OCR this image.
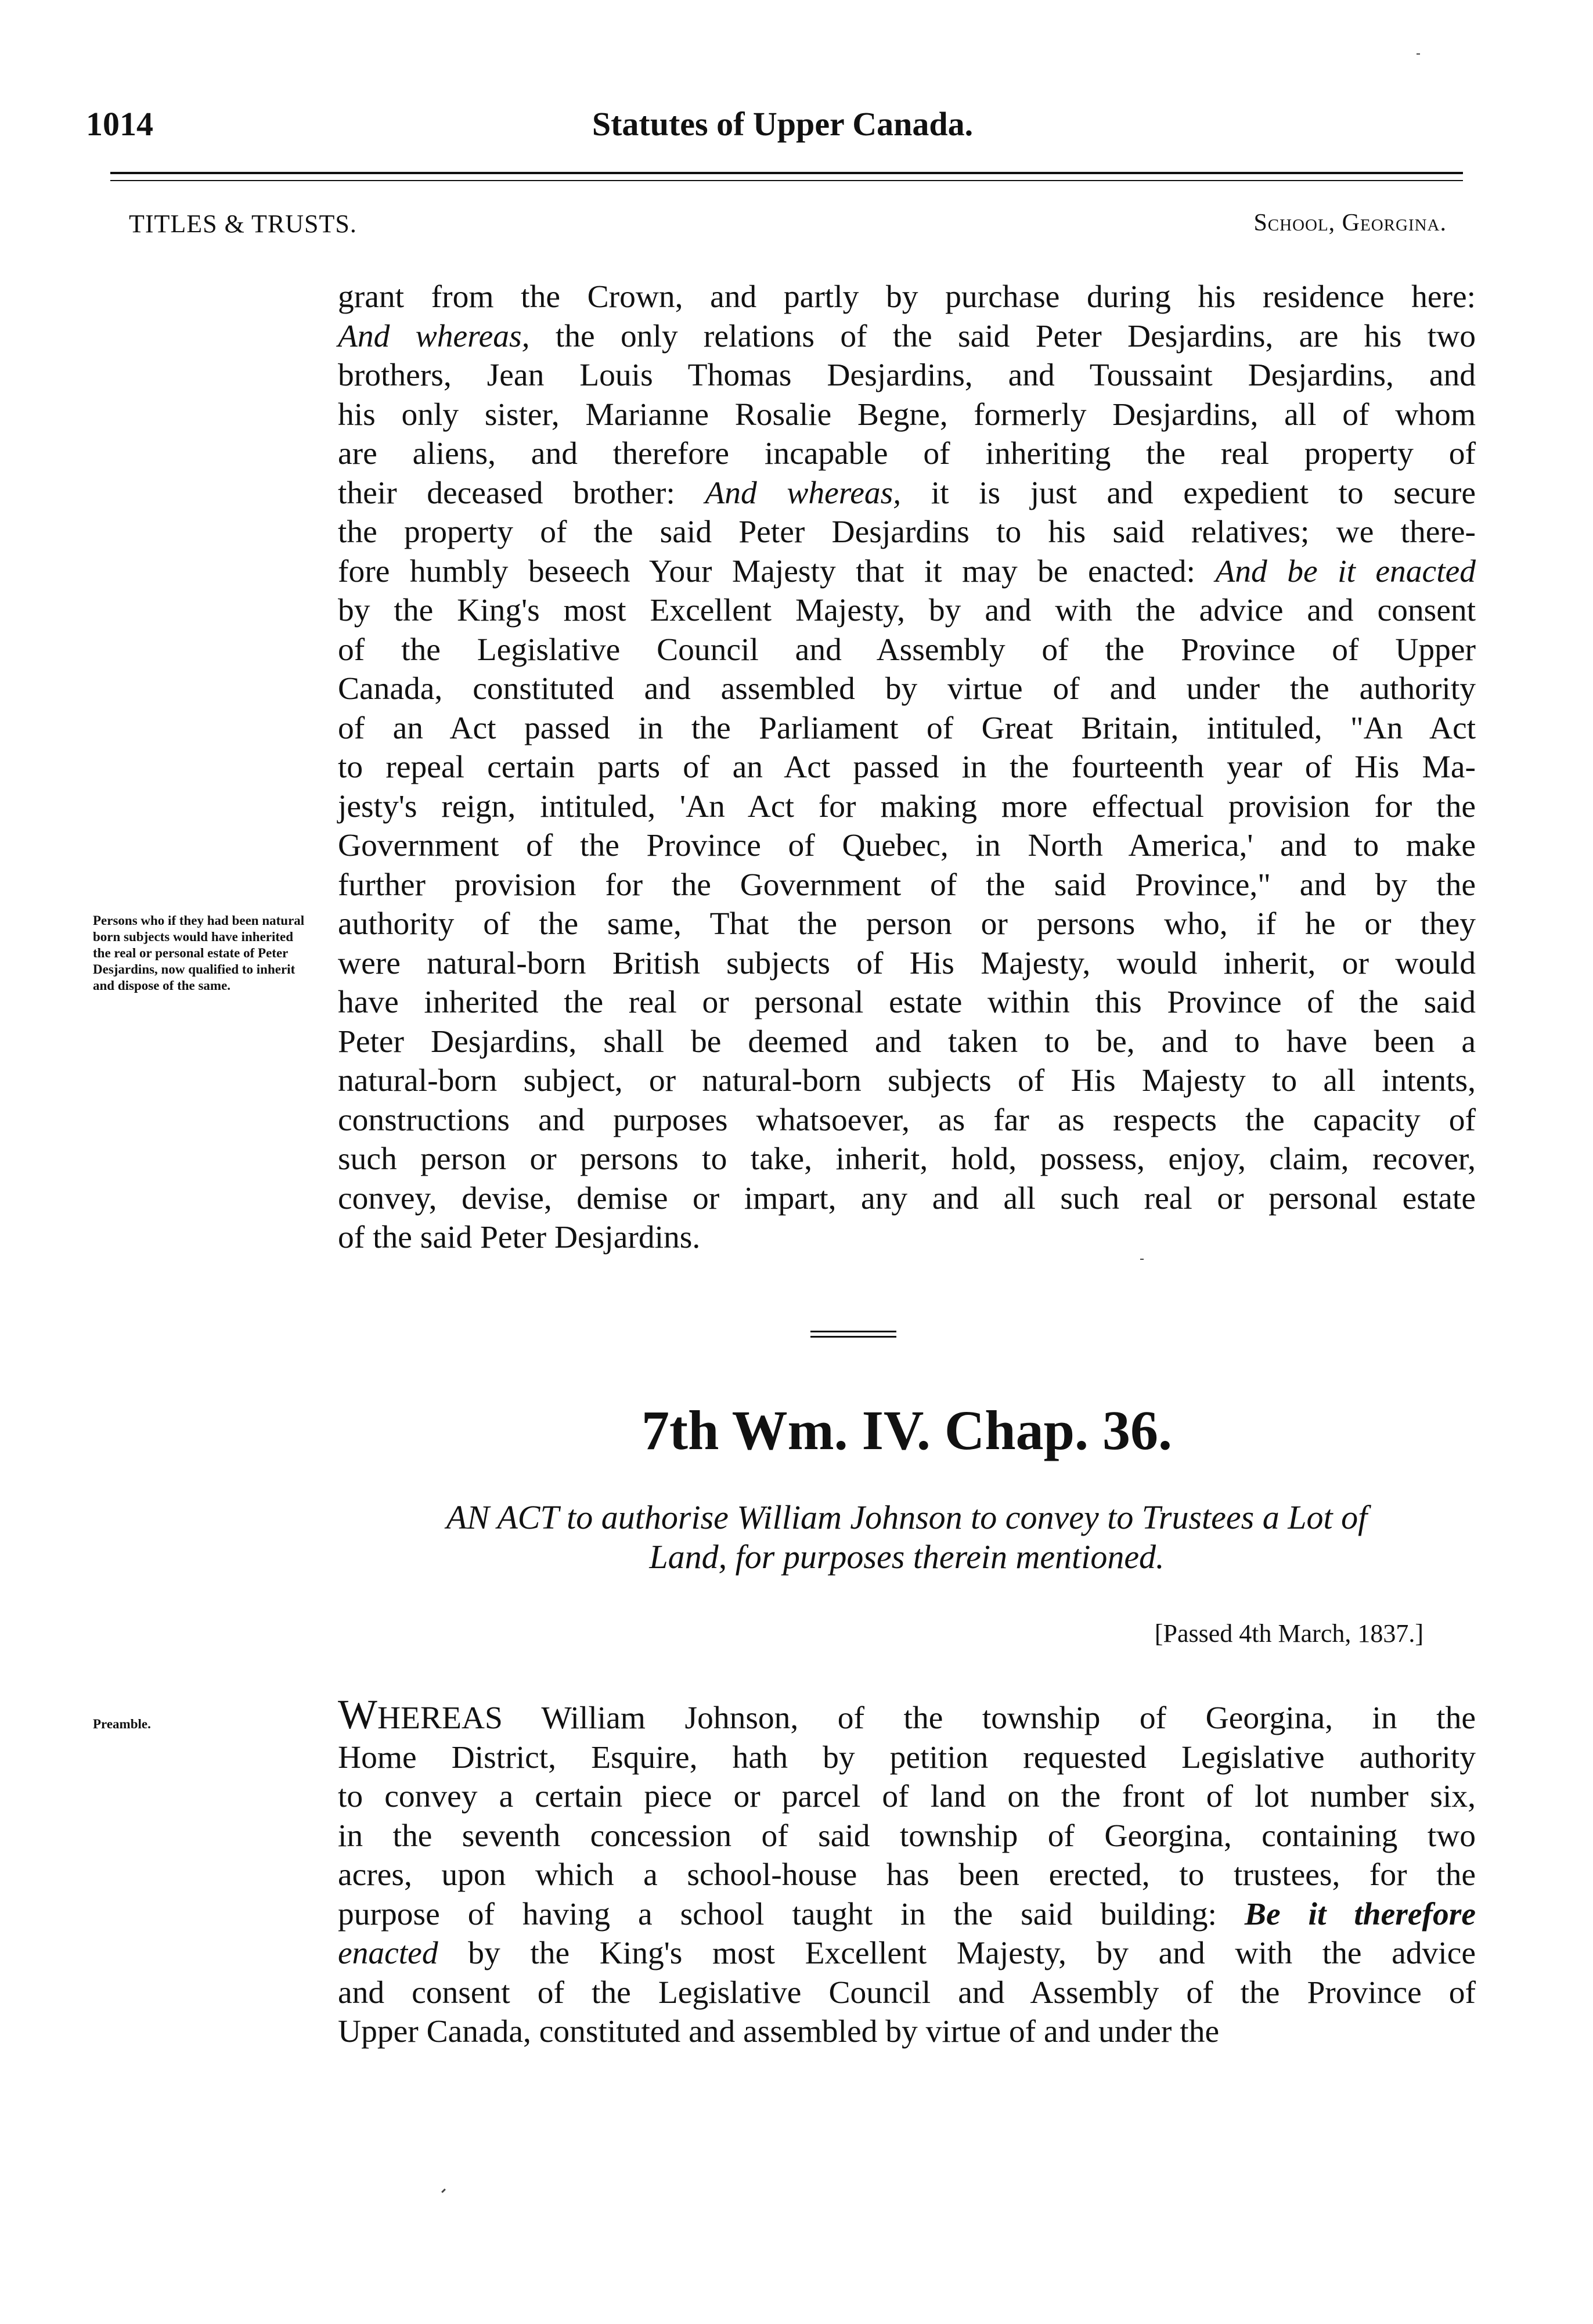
1014	Statutes of Upper Canada.
TITLES & TRUSTS.	School, Georgina.
grant from the Crown, and partly by purchase during his residence here:
And whereas, the only relations of the said Peter Desjardins, are his two
brothers, Jean Louis Thomas Desjardins, and Toussaint Desjardins, and
his only sister, Marianne Rosalie Begne, formerly Desjardins, all of whom
are aliens, and therefore incapable of inheriting the real property of
their deceased brother: And whereas, it is just and expedient to secure
the property of the said Peter Desjardins to his said relatives; we there-
fore humbly beseech Your Majesty that it may be enacted: And be it enacted
by the King's most Excellent Majesty, by and with the advice and consent
of the Legislative Council and Assembly of the Province of Upper
Canada, constituted and assembled by virtue of and under the authority
of an Act passed in the Parliament of Great Britain, intituled, "An Act
to repeal certain parts of an Act passed in the fourteenth year of His Ma-
jesty's reign, intituled, 'An Act for making more effectual provision for the
Government of the Province of Quebec, in North America,' and to make
further provision for the Government of the said Province," and by the
authority of the same, That the person or persons who, if he or they
were natural-born British subjects of His Majesty, would inherit, or would
have inherited the real or personal estate within this Province of the said
Peter Desjardins, shall be deemed and taken to be, and to have been a
natural-born subject, or natural-born subjects of His Majesty to all intents,
constructions and purposes whatsoever, as far as respects the capacity of
such person or persons to take, inherit, hold, possess, enjoy, claim, recover,
convey, devise, demise or impart, any and all such real or personal estate
of the said Peter Desjardins.
Persons who if they had been natural born subjects would have inherited the real or personal estate of Peter Desjardins, now qualified to inherit and dispose of the same.
7th Wm. IV. Chap. 36.
AN ACT to authorise William Johnson to convey to Trustees a Lot of
Land, for purposes therein mentioned.
[Passed 4th March, 1837.]
Preamble.	WHEREAS William Johnson, of the township of Georgina, in the
Home District, Esquire, hath by petition requested Legislative authority
to convey a certain piece or parcel of land on the front of lot number six,
in the seventh concession of said township of Georgina, containing two
acres, upon which a school-house has been erected, to trustees, for the
purpose of having a school taught in the said building: Be it therefore
enacted by the King's most Excellent Majesty, by and with the advice
and consent of the Legislative Council and Assembly of the Province of
Upper Canada, constituted and assembled by virtue of and under the
